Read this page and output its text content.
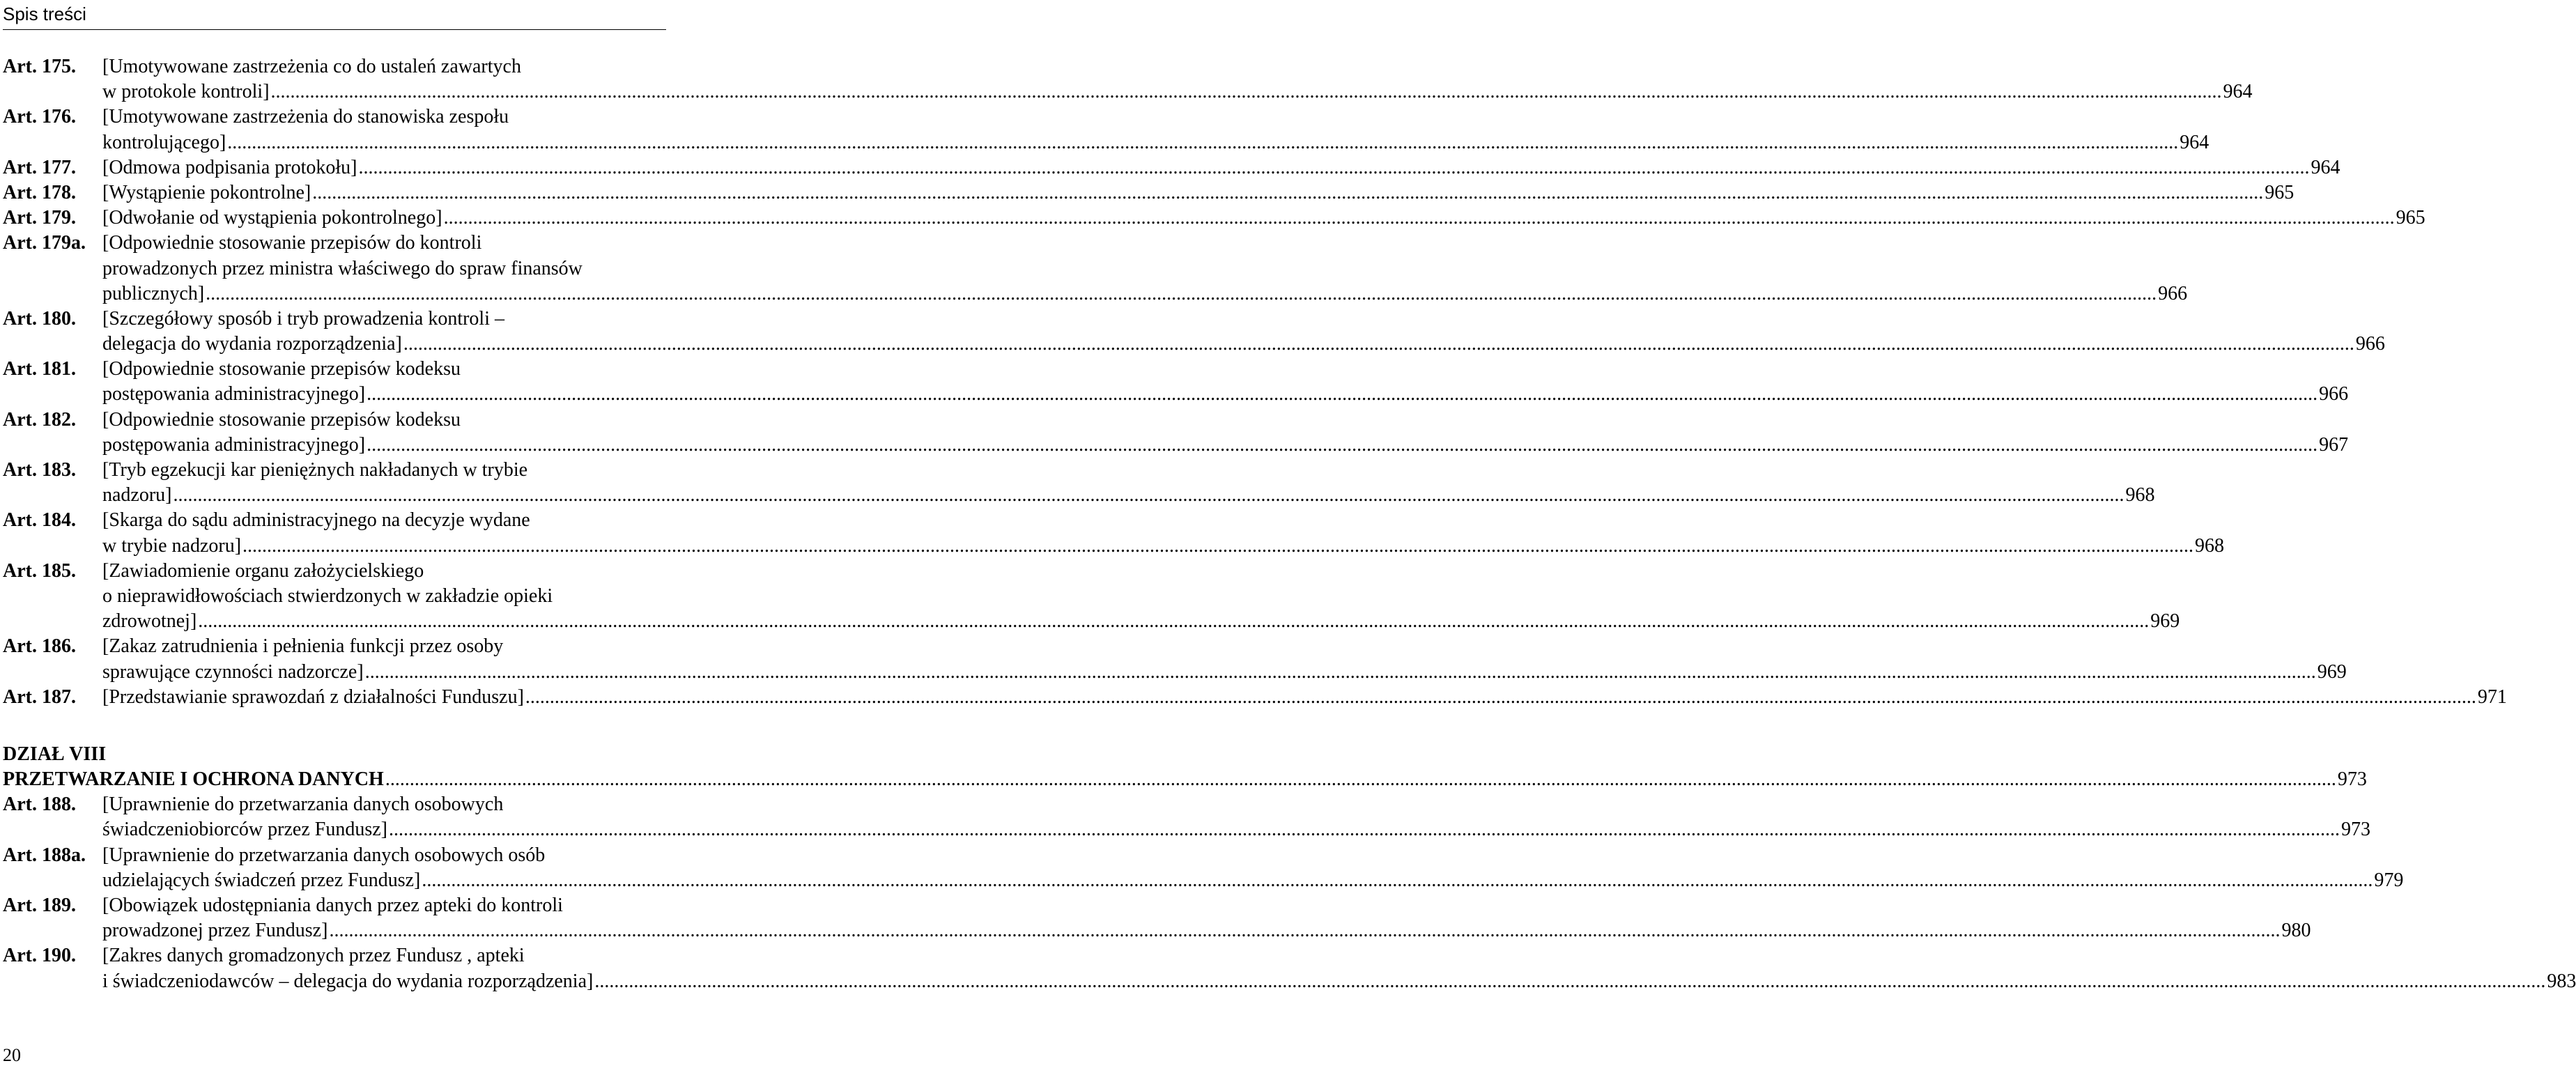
Spis treści
Art. 175. [Umotywowane zastrzeżenia co do ustaleń zawartych
w protokole kontroli] ................................................................................................................................................................................................................................................................................................................................................................................................................ 964
Art. 176. [Umotywowane zastrzeżenia do stanowiska zespołu
kontrolującego] ................................................................................................................................................................................................................................................................................................................................................................................................................ 964
Art. 177. [Odmowa podpisania protokołu] ................................................................................................................................................................................................................................................................................................................................................................................................................ 964
Art. 178. [Wystąpienie pokontrolne] ................................................................................................................................................................................................................................................................................................................................................................................................................ 965
Art. 179. [Odwołanie od wystąpienia pokontrolnego] ................................................................................................................................................................................................................................................................................................................................................................................................................ 965
Art. 179a. [Odpowiednie stosowanie przepisów do kontroli
prowadzonych przez ministra właściwego do spraw finansów
publicznych] ................................................................................................................................................................................................................................................................................................................................................................................................................ 966
Art. 180. [Szczegółowy sposób i tryb prowadzenia kontroli –
delegacja do wydania rozporządzenia] ................................................................................................................................................................................................................................................................................................................................................................................................................ 966
Art. 181. [Odpowiednie stosowanie przepisów kodeksu
postępowania administracyjnego] ................................................................................................................................................................................................................................................................................................................................................................................................................ 966
Art. 182. [Odpowiednie stosowanie przepisów kodeksu
postępowania administracyjnego] ................................................................................................................................................................................................................................................................................................................................................................................................................ 967
Art. 183. [Tryb egzekucji kar pieniężnych nakładanych w trybie
nadzoru] ................................................................................................................................................................................................................................................................................................................................................................................................................ 968
Art. 184. [Skarga do sądu administracyjnego na decyzje wydane
w trybie nadzoru] ................................................................................................................................................................................................................................................................................................................................................................................................................ 968
Art. 185. [Zawiadomienie organu założycielskiego
o nieprawidłowościach stwierdzonych w zakładzie opieki
zdrowotnej] ................................................................................................................................................................................................................................................................................................................................................................................................................ 969
Art. 186. [Zakaz zatrudnienia i pełnienia funkcji przez osoby
sprawujące czynności nadzorcze] ................................................................................................................................................................................................................................................................................................................................................................................................................ 969
Art. 187. [Przedstawianie sprawozdań z działalności Funduszu] ................................................................................................................................................................................................................................................................................................................................................................................................................ 971
DZIAŁ VIII
PRZETWARZANIE I OCHRONA DANYCH ................................................................................................................................................................................................................................................................................................................................................................................................................ 973
Art. 188. [Uprawnienie do przetwarzania danych osobowych
świadczeniobiorców przez Fundusz] ................................................................................................................................................................................................................................................................................................................................................................................................................ 973
Art. 188a. [Uprawnienie do przetwarzania danych osobowych osób
udzielających świadczeń przez Fundusz] ................................................................................................................................................................................................................................................................................................................................................................................................................ 979
Art. 189. [Obowiązek udostępniania danych przez apteki do kontroli
prowadzonej przez Fundusz] ................................................................................................................................................................................................................................................................................................................................................................................................................ 980
Art. 190. [Zakres danych gromadzonych przez Fundusz , apteki
i świadczeniodawców – delegacja do wydania rozporządzenia] ................................................................................................................................................................................................................................................................................................................................................................................................................ 983
20
